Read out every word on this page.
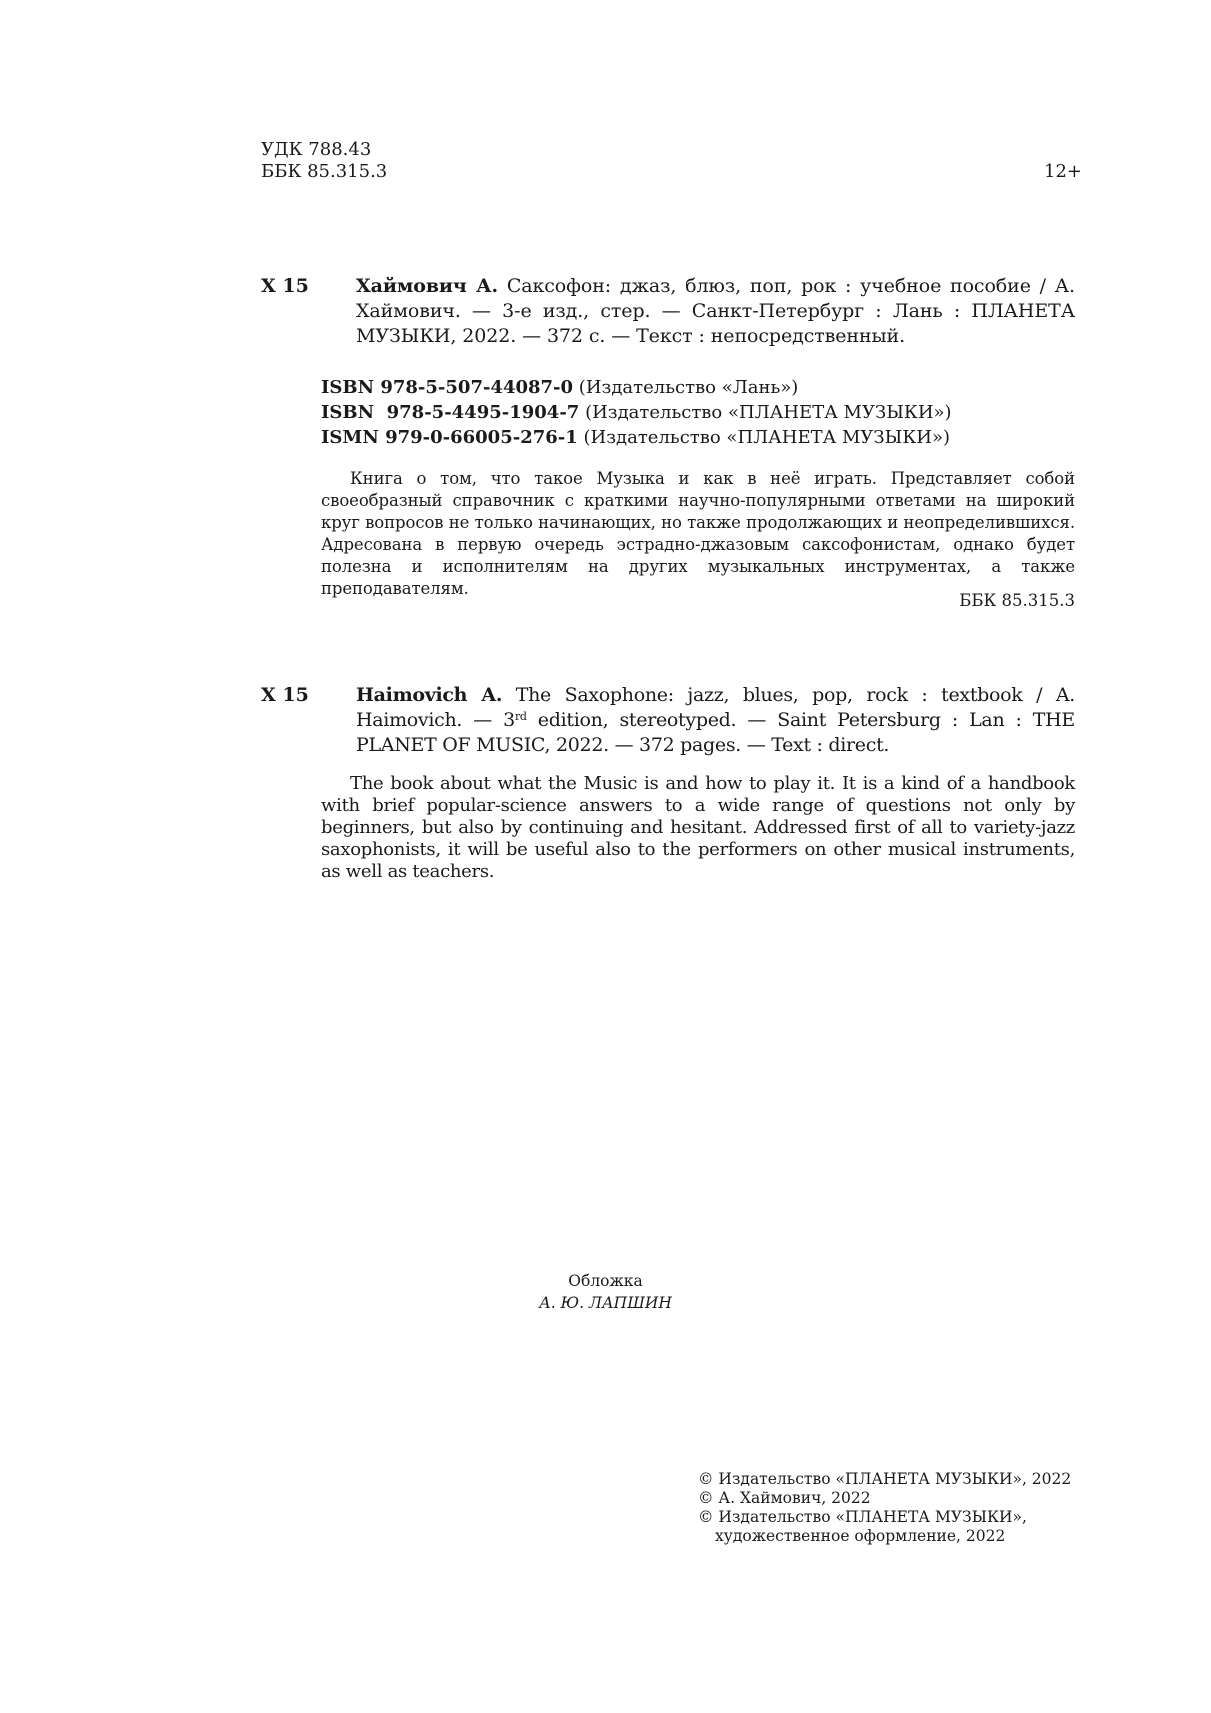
УДК 788.43
ББК 85.315.3	12+
Х 15 Хаймович А. Саксофон: джаз, блюз, поп, рок : учебное пособие / А. Хаймович. — 3-е изд., стер. — Санкт-Петербург : Лань : ПЛАНЕТА МУЗЫКИ, 2022. — 372 с. — Текст : непосредственный.
ISBN 978-5-507-44087-0 (Издательство «Лань»)
ISBN  978-5-4495-1904-7 (Издательство «ПЛАНЕТА МУЗЫКИ»)
ISMN 979-0-66005-276-1 (Издательство «ПЛАНЕТА МУЗЫКИ»)
Книга о том, что такое Музыка и как в неё играть. Представляет собой своеобразный справочник с краткими научно-популярными ответами на широкий круг вопросов не только начинающих, но также продолжающих и неопределившихся. Адресована в первую очередь эстрадно-джазовым саксофонистам, однако будет полезна и исполнителям на других музыкальных инструментах, а также преподавателям.
ББК 85.315.3
Х 15 Haimovich A. The Saxophone: jazz, blues, pop, rock : textbook / A. Haimovich. — 3rd edition, stereotyped. — Saint Petersburg : Lan : THE PLANET OF MUSIC, 2022. — 372 pages. — Text : direct.
The book about what the Music is and how to play it. It is a kind of a handbook with brief popular-science answers to a wide range of questions not only by beginners, but also by continuing and hesitant. Addressed first of all to variety-jazz saxophonists, it will be useful also to the performers on other musical instruments, as well as teachers.
Обложка
А. Ю. ЛАПШИН
© Издательство «ПЛАНЕТА МУЗЫКИ», 2022
© А. Хаймович, 2022
© Издательство «ПЛАНЕТА МУЗЫКИ», художественное оформление, 2022
